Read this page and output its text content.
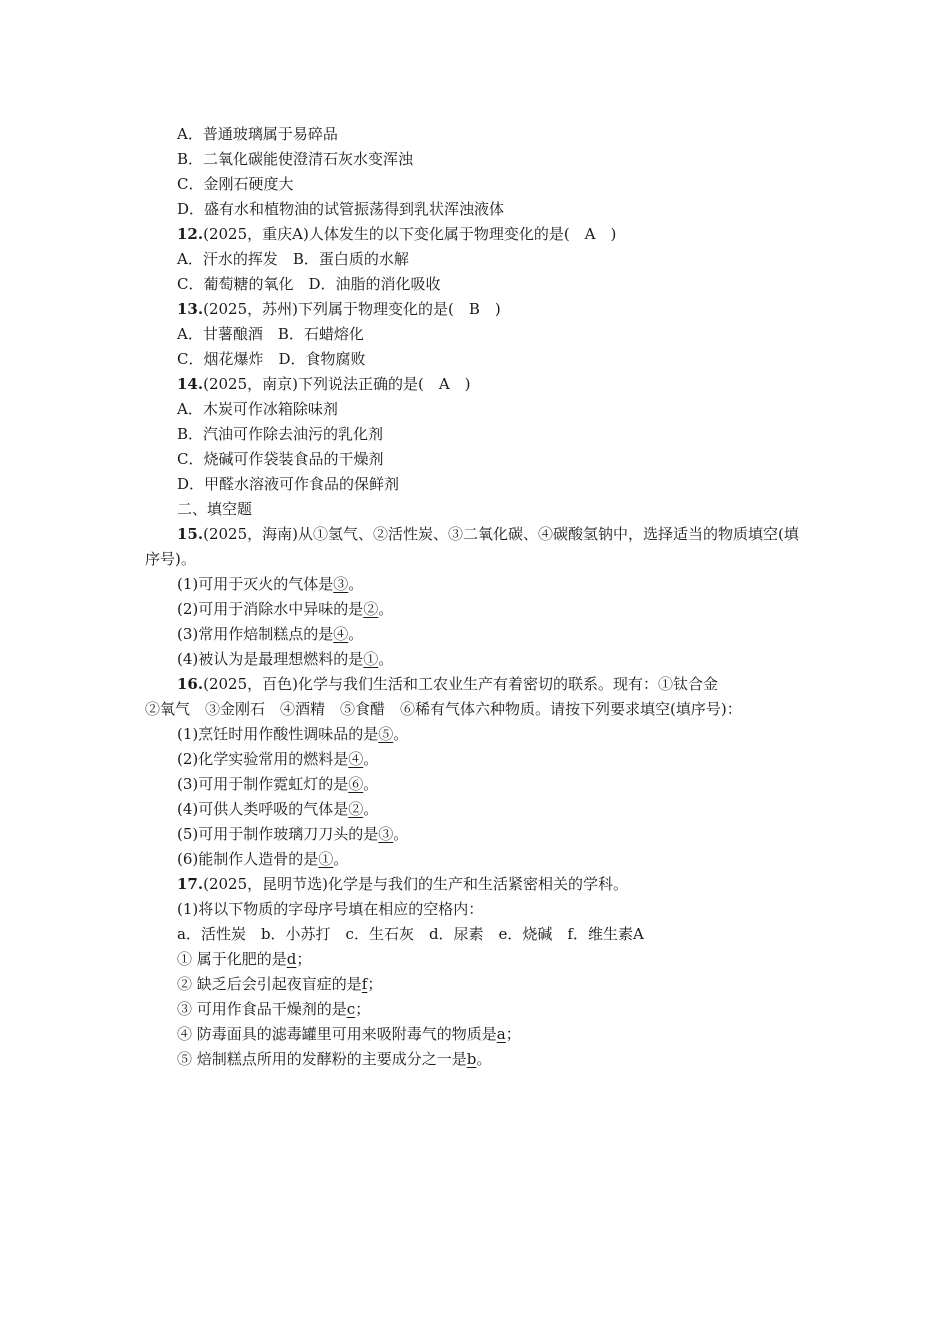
A．普通玻璃属于易碎品
B．二氧化碳能使澄清石灰水变浑浊
C．金刚石硬度大
D．盛有水和植物油的试管振荡得到乳状浑浊液体
12.(2025，重庆A)人体发生的以下变化属于物理变化的是(　A　)
A．汗水的挥发　B．蛋白质的水解
C．葡萄糖的氧化　D．油脂的消化吸收
13.(2025，苏州)下列属于物理变化的是(　B　)
A．甘薯酿酒　B．石蜡熔化
C．烟花爆炸　D．食物腐败
14.(2025，南京)下列说法正确的是(　A　)
A．木炭可作冰箱除味剂
B．汽油可作除去油污的乳化剂
C．烧碱可作袋装食品的干燥剂
D．甲醛水溶液可作食品的保鲜剂
二、填空题
15.(2025，海南)从①氢气、②活性炭、③二氧化碳、④碳酸氢钠中，选择适当的物质填空(填序号)。
(1)可用于灭火的气体是③。
(2)可用于消除水中异味的是②。
(3)常用作焙制糕点的是④。
(4)被认为是最理想燃料的是①。
16.(2025，百色)化学与我们生活和工农业生产有着密切的联系。现有：①钛合金
②氧气　③金刚石　④酒精　⑤食醋　⑥稀有气体六种物质。请按下列要求填空(填序号)：
(1)烹饪时用作酸性调味品的是⑤。
(2)化学实验常用的燃料是④。
(3)可用于制作霓虹灯的是⑥。
(4)可供人类呼吸的气体是②。
(5)可用于制作玻璃刀刀头的是③。
(6)能制作人造骨的是①。
17.(2025，昆明节选)化学是与我们的生产和生活紧密相关的学科。
(1)将以下物质的字母序号填在相应的空格内：
a．活性炭　b．小苏打　c．生石灰　d．尿素　e．烧碱　f．维生素A
① 属于化肥的是d；
② 缺乏后会引起夜盲症的是f；
③ 可用作食品干燥剂的是c；
④ 防毒面具的滤毒罐里可用来吸附毒气的物质是a；
⑤ 焙制糕点所用的发酵粉的主要成分之一是b。
